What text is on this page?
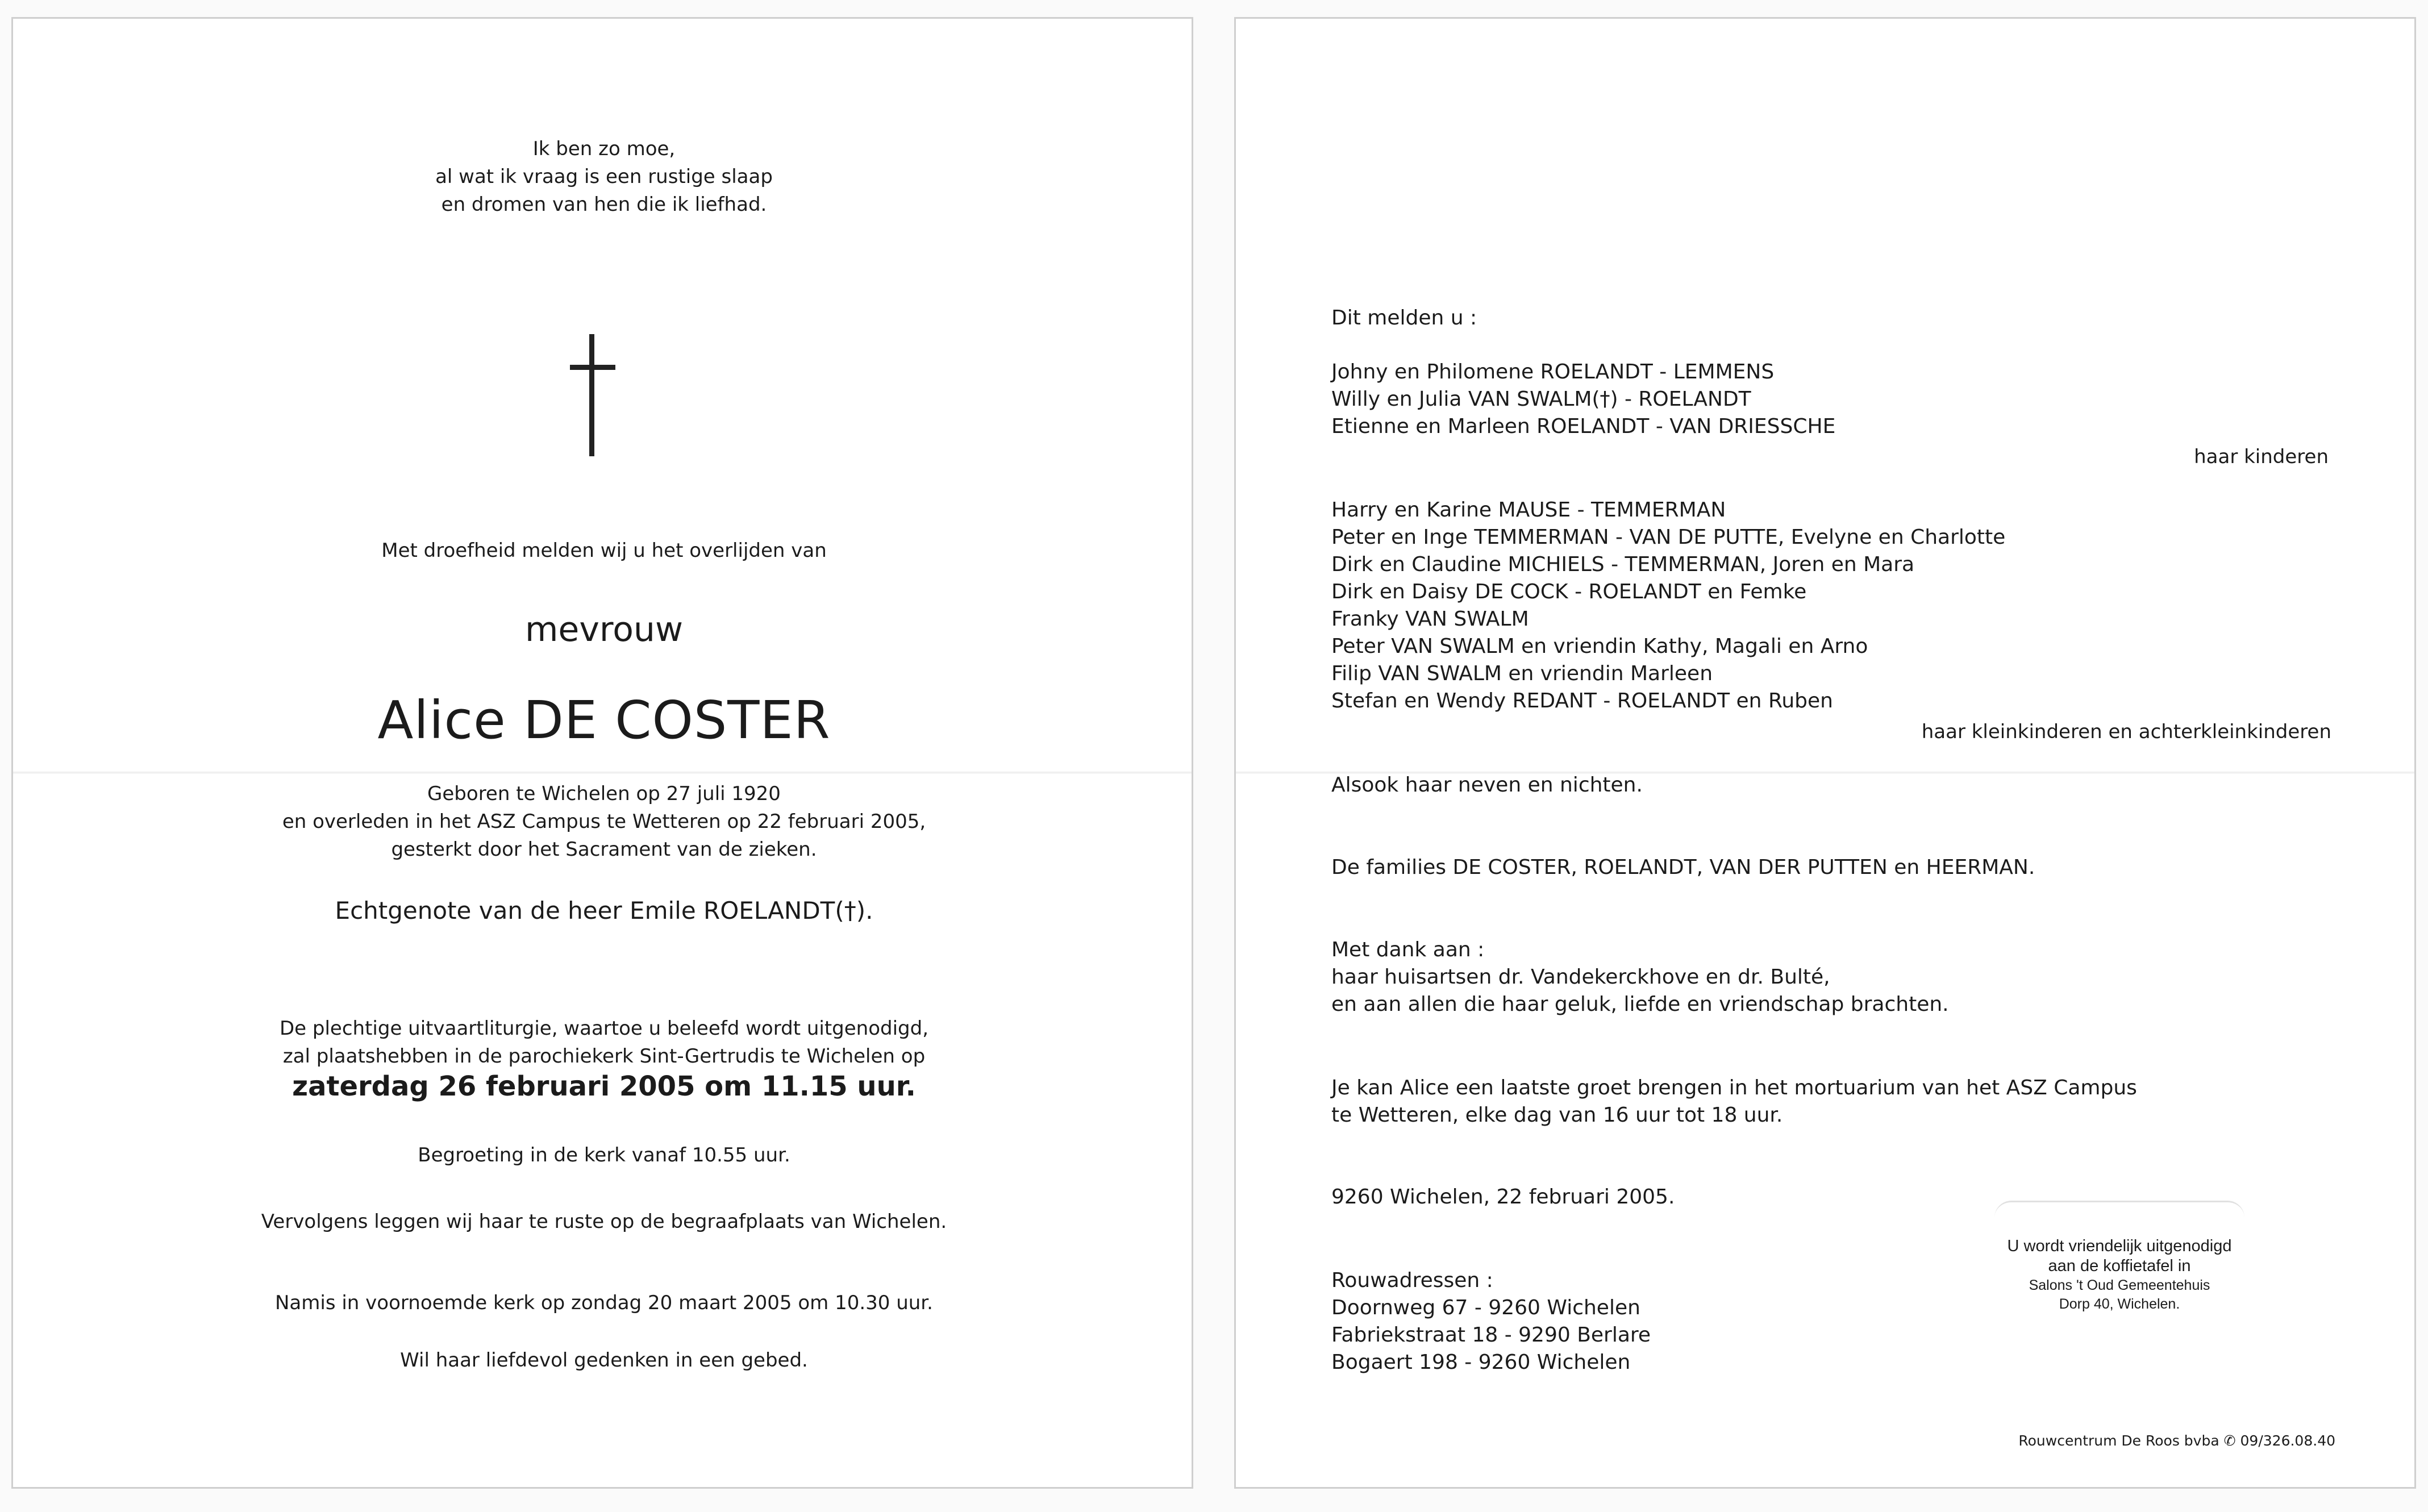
Ik ben zo moe,
al wat ik vraag is een rustige slaap
en dromen van hen die ik liefhad.
Met droefheid melden wij u het overlijden van
mevrouw
Alice DE COSTER
Geboren te Wichelen op 27 juli 1920
en overleden in het ASZ Campus te Wetteren op 22 februari 2005,
gesterkt door het Sacrament van de zieken.
Echtgenote van de heer Emile ROELANDT(†).
De plechtige uitvaartliturgie, waartoe u beleefd wordt uitgenodigd,
zal plaatshebben in de parochiekerk Sint-Gertrudis te Wichelen op
zaterdag 26 februari 2005 om 11.15 uur.
Begroeting in de kerk vanaf 10.55 uur.
Vervolgens leggen wij haar te ruste op de begraafplaats van Wichelen.
Namis in voornoemde kerk op zondag 20 maart 2005 om 10.30 uur.
Wil haar liefdevol gedenken in een gebed.
Dit melden u :
Johny en Philomene ROELANDT - LEMMENS
Willy en Julia VAN SWALM(†) - ROELANDT
Etienne en Marleen ROELANDT - VAN DRIESSCHE
haar kinderen
Harry en Karine MAUSE - TEMMERMAN
Peter en Inge TEMMERMAN - VAN DE PUTTE, Evelyne en Charlotte
Dirk en Claudine MICHIELS - TEMMERMAN, Joren en Mara
Dirk en Daisy DE COCK - ROELANDT en Femke
Franky VAN SWALM
Peter VAN SWALM en vriendin Kathy, Magali en Arno
Filip VAN SWALM en vriendin Marleen
Stefan en Wendy REDANT - ROELANDT en Ruben
haar kleinkinderen en achterkleinkinderen
Alsook haar neven en nichten.
De families DE COSTER, ROELANDT, VAN DER PUTTEN en HEERMAN.
Met dank aan :
haar huisartsen dr. Vandekerckhove en dr. Bulté,
en aan allen die haar geluk, liefde en vriendschap brachten.
Je kan Alice een laatste groet brengen in het mortuarium van het ASZ Campus
te Wetteren, elke dag van 16 uur tot 18 uur.
9260 Wichelen, 22 februari 2005.
Rouwadressen :
Doornweg 67 - 9260 Wichelen
Fabriekstraat 18 - 9290 Berlare
Bogaert 198 - 9260 Wichelen
U wordt vriendelijk uitgenodigd
aan de koffietafel in
Salons 't Oud Gemeentehuis
Dorp 40, Wichelen.
Rouwcentrum De Roos bvba ✆ 09/326.08.40
